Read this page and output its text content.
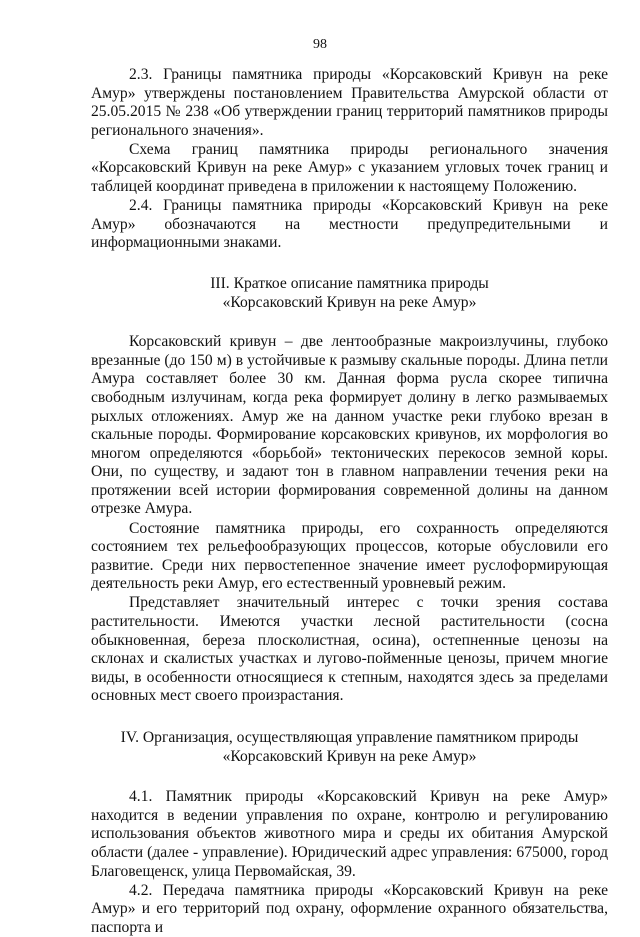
98

2.3. Границы памятника природы «Корсаковский Кривун на реке Амур» утверждены постановлением Правительства Амурской области от 25.05.2015 № 238 «Об утверждении границ территорий памятников природы регионального значения».

Схема границ памятника природы регионального значения «Корсаковский Кривун на реке Амур» с указанием угловых точек границ и таблицей координат приведена в приложении к настоящему Положению.

2.4. Границы памятника природы «Корсаковский Кривун на реке Амур» обозначаются на местности предупредительными и информационными знаками.

III. Краткое описание памятника природы
«Корсаковский Кривун на реке Амур»

Корсаковский кривун – две лентообразные макроизлучины, глубоко врезанные (до 150 м) в устойчивые к размыву скальные породы. Длина петли Амура составляет более 30 км. Данная форма русла скорее типична свободным излучинам, когда река формирует долину в легко размываемых рыхлых отложениях. Амур же на данном участке реки глубоко врезан в скальные породы. Формирование корсаковских кривунов, их морфология во многом определяются «борьбой» тектонических перекосов земной коры. Они, по существу, и задают тон в главном направлении течения реки на протяжении всей истории формирования современной долины на данном отрезке Амура.

Состояние памятника природы, его сохранность определяются состоянием тех рельефообразующих процессов, которые обусловили его развитие. Среди них первостепенное значение имеет руслоформирующая деятельность реки Амур, его естественный уровневый режим.

Представляет значительный интерес с точки зрения состава растительности. Имеются участки лесной растительности (сосна обыкновенная, береза плосколистная, осина), остепненные ценозы на склонах и скалистых участках и лугово-пойменные ценозы, причем многие виды, в особенности относящиеся к степным, находятся здесь за пределами основных мест своего произрастания.

IV. Организация, осуществляющая управление памятником природы
«Корсаковский Кривун на реке Амур»

4.1. Памятник природы «Корсаковский Кривун на реке Амур» находится в ведении управления по охране, контролю и регулированию использования объектов животного мира и среды их обитания Амурской области (далее - управление). Юридический адрес управления: 675000, город Благовещенск, улица Первомайская, 39.

4.2. Передача памятника природы «Корсаковский Кривун на реке Амур» и его территорий под охрану, оформление охранного обязательства, паспорта и
